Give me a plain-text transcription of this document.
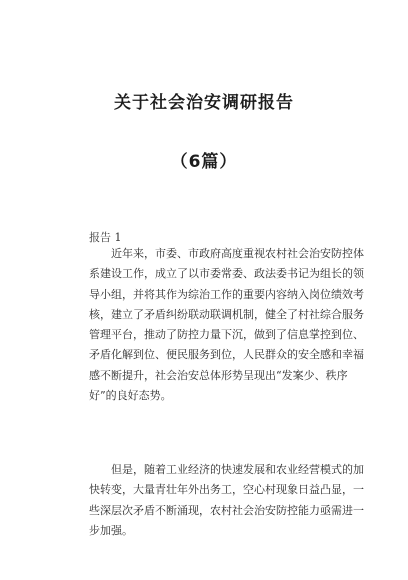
关于社会治安调研报告
（6篇）
报告 1
　　近年来，市委、市政府高度重视农村社会治安防控体
系建设工作，成立了以市委常委、政法委书记为组长的领
导小组，并将其作为综治工作的重要内容纳入岗位绩效考
核，建立了矛盾纠纷联动联调机制，健全了村社综合服务
管理平台，推动了防控力量下沉，做到了信息掌控到位、
矛盾化解到位、便民服务到位，人民群众的安全感和幸福
感不断提升，社会治安总体形势呈现出“发案少、秩序
好”的良好态势。
　　但是，随着工业经济的快速发展和农业经营模式的加
快转变，大量青壮年外出务工，空心村现象日益凸显，一
些深层次矛盾不断涌现，农村社会治安防控能力亟需进一
步加强。
